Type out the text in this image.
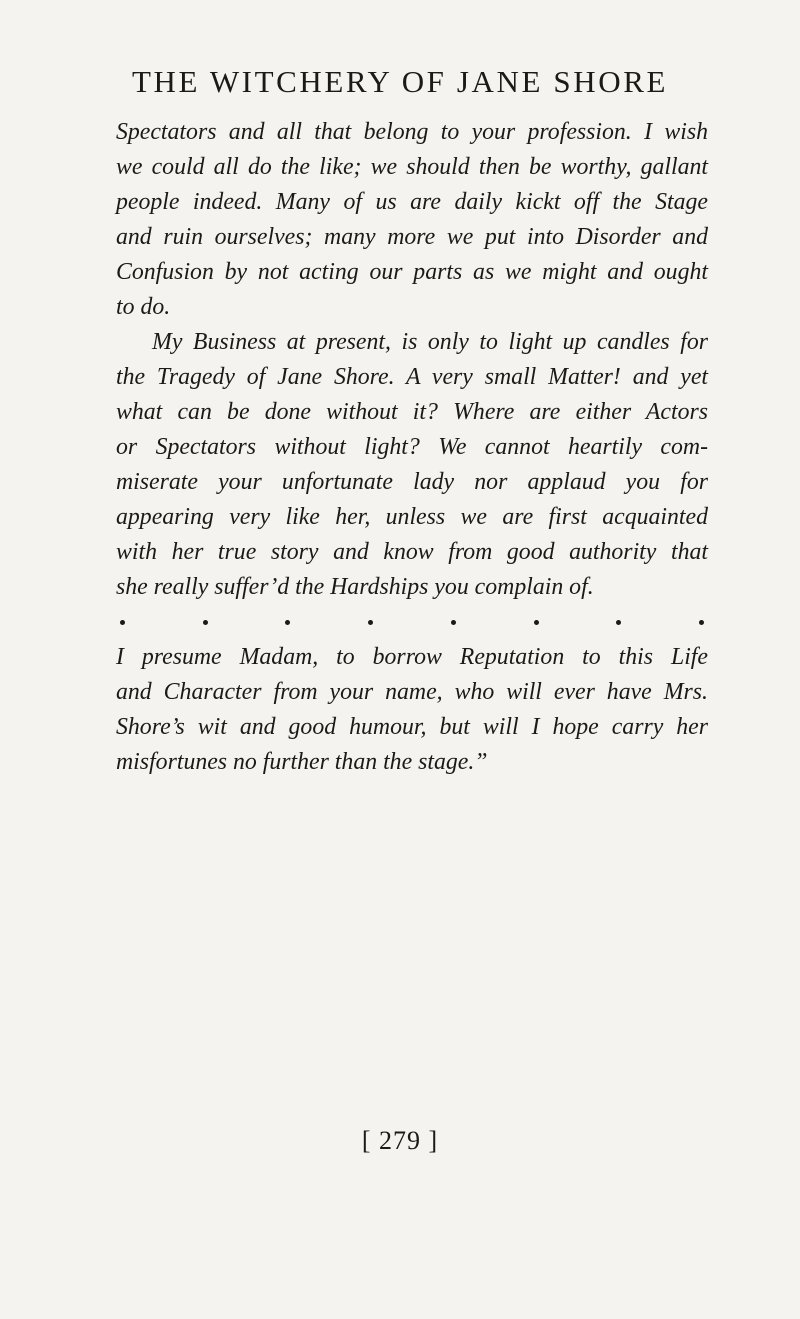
THE WITCHERY OF JANE SHORE
Spectators and all that belong to your profession. I wish
we could all do the like; we should then be worthy, gallant
people indeed. Many of us are daily kickt off the Stage
and ruin ourselves; many more we put into Disorder and
Confusion by not acting our parts as we might and ought
to do.
My Business at present, is only to light up candles for
the Tragedy of Jane Shore. A very small Matter! and yet
what can be done without it? Where are either Actors
or Spectators without light? We cannot heartily com-
miserate your unfortunate lady nor applaud you for
appearing very like her, unless we are first acquainted
with her true story and know from good authority that
she really suffer’d the Hardships you complain of.
I presume Madam, to borrow Reputation to this Life
and Character from your name, who will ever have Mrs.
Shore’s wit and good humour, but will I hope carry her
misfortunes no further than the stage.”
[ 279 ]
